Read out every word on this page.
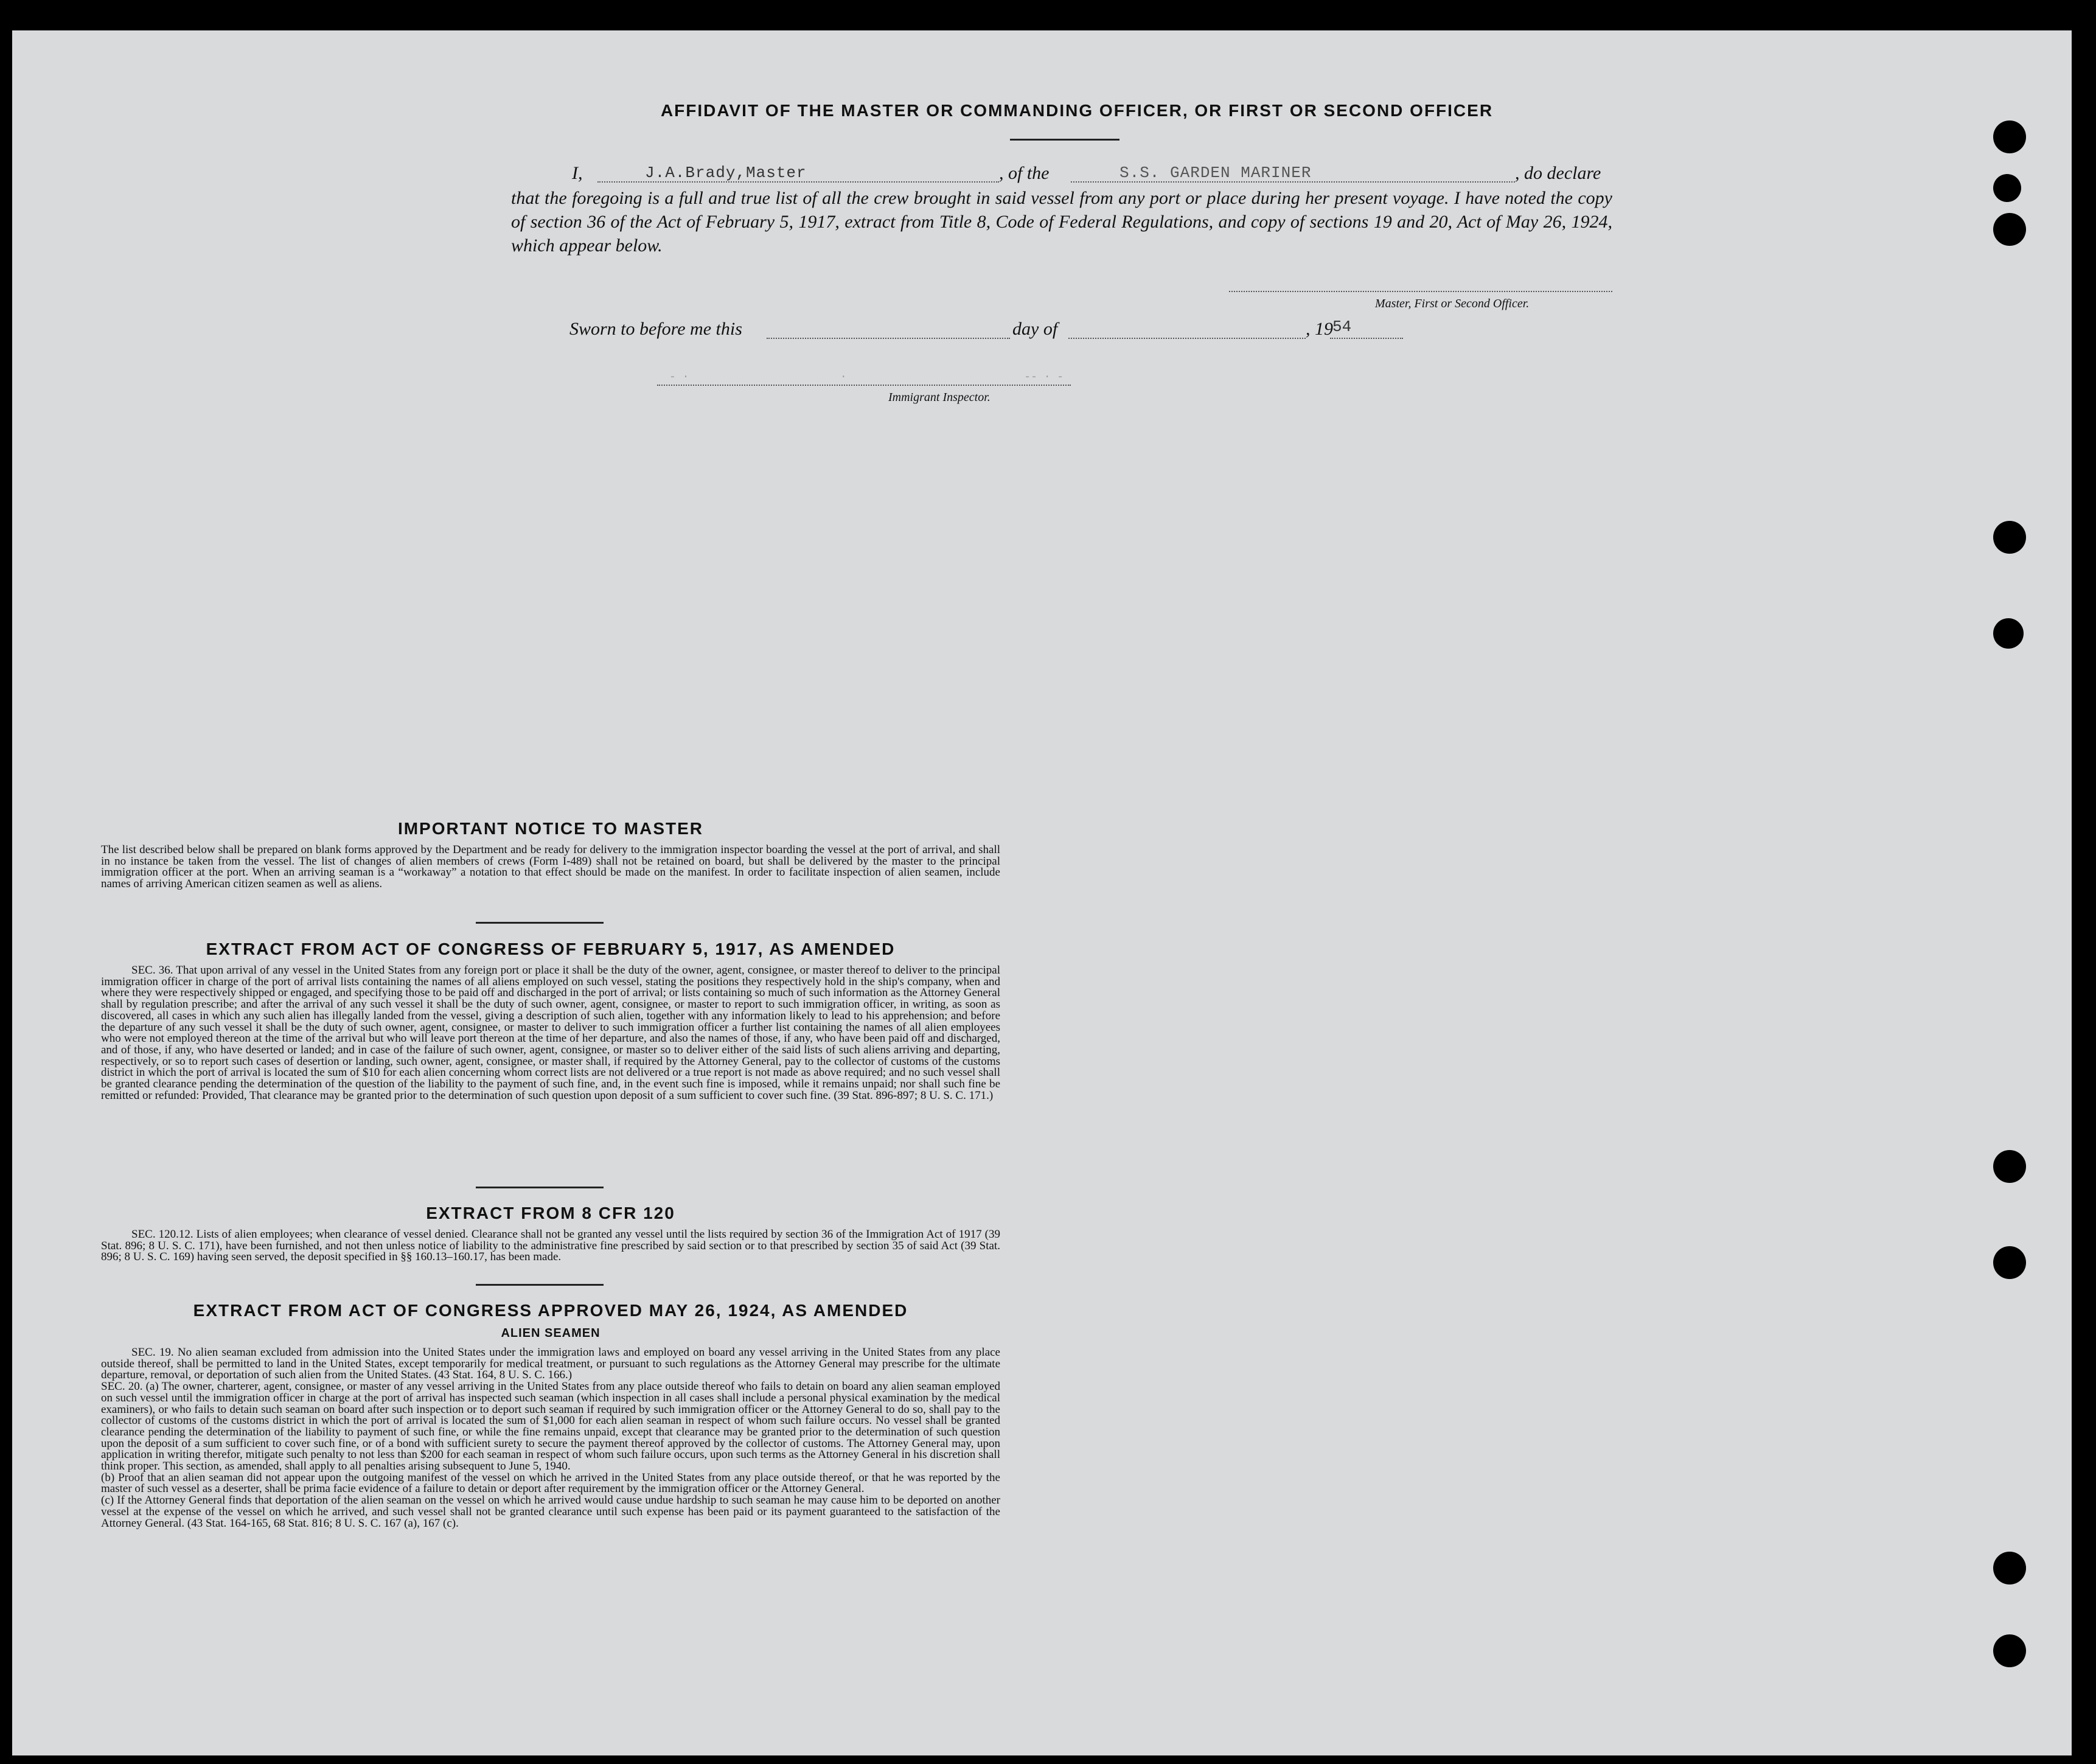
- ·                       ·                           -- · -
AFFIDAVIT OF THE MASTER OR COMMANDING OFFICER, OR FIRST OR SECOND OFFICER
I,	J.A.Brady,Master	, of the	S.S. GARDEN MARINER	, do declare
that the foregoing is a full and true list of all the crew brought in said vessel from any port or place during her present voyage. I have noted the copy of section 36 of the Act of February 5, 1917, extract from Title 8, Code of Federal Regulations, and copy of sections 19 and 20, Act of May 26, 1924, which appear below.
Master, First or Second Officer.
Sworn to before me this	day of	, 19 54
Immigrant Inspector.
IMPORTANT NOTICE TO MASTER
The list described below shall be prepared on blank forms approved by the Department and be ready for delivery to the immigration inspector boarding the vessel at the port of arrival, and shall in no instance be taken from the vessel. The list of changes of alien members of crews (Form I-489) shall not be retained on board, but shall be delivered by the master to the principal immigration officer at the port. When an arriving seaman is a “workaway” a notation to that effect should be made on the manifest. In order to facilitate inspection of alien seamen, include names of arriving American citizen seamen as well as aliens.
EXTRACT FROM ACT OF CONGRESS OF FEBRUARY 5, 1917, AS AMENDED
SEC. 36. That upon arrival of any vessel in the United States from any foreign port or place it shall be the duty of the owner, agent, consignee, or master thereof to deliver to the principal immigration officer in charge of the port of arrival lists containing the names of all aliens employed on such vessel, stating the positions they respectively hold in the ship's company, when and where they were respectively shipped or engaged, and specifying those to be paid off and discharged in the port of arrival; or lists containing so much of such information as the Attorney General shall by regulation prescribe; and after the arrival of any such vessel it shall be the duty of such owner, agent, consignee, or master to report to such immigration officer, in writing, as soon as discovered, all cases in which any such alien has illegally landed from the vessel, giving a description of such alien, together with any information likely to lead to his apprehension; and before the departure of any such vessel it shall be the duty of such owner, agent, consignee, or master to deliver to such immigration officer a further list containing the names of all alien employees who were not employed thereon at the time of the arrival but who will leave port thereon at the time of her departure, and also the names of those, if any, who have been paid off and discharged, and of those, if any, who have deserted or landed; and in case of the failure of such owner, agent, consignee, or master so to deliver either of the said lists of such aliens arriving and departing, respectively, or so to report such cases of desertion or landing, such owner, agent, consignee, or master shall, if required by the Attorney General, pay to the collector of customs of the customs district in which the port of arrival is located the sum of $10 for each alien concerning whom correct lists are not delivered or a true report is not made as above required; and no such vessel shall be granted clearance pending the determination of the question of the liability to the payment of such fine, and, in the event such fine is imposed, while it remains unpaid; nor shall such fine be remitted or refunded: Provided, That clearance may be granted prior to the determination of such question upon deposit of a sum sufficient to cover such fine. (39 Stat. 896-897; 8 U. S. C. 171.)
EXTRACT FROM 8 CFR 120
SEC. 120.12. Lists of alien employees; when clearance of vessel denied. Clearance shall not be granted any vessel until the lists required by section 36 of the Immigration Act of 1917 (39 Stat. 896; 8 U. S. C. 171), have been furnished, and not then unless notice of liability to the administrative fine prescribed by said section or to that prescribed by section 35 of said Act (39 Stat. 896; 8 U. S. C. 169) having seen served, the deposit specified in §§ 160.13–160.17, has been made.
EXTRACT FROM ACT OF CONGRESS APPROVED MAY 26, 1924, AS AMENDED
ALIEN SEAMEN
SEC. 19. No alien seaman excluded from admission into the United States under the immigration laws and employed on board any vessel arriving in the United States from any place outside thereof, shall be permitted to land in the United States, except temporarily for medical treatment, or pursuant to such regulations as the Attorney General may prescribe for the ultimate departure, removal, or deportation of such alien from the United States. (43 Stat. 164, 8 U. S. C. 166.)
SEC. 20. (a) The owner, charterer, agent, consignee, or master of any vessel arriving in the United States from any place outside thereof who fails to detain on board any alien seaman employed on such vessel until the immigration officer in charge at the port of arrival has inspected such seaman (which inspection in all cases shall include a personal physical examination by the medical examiners), or who fails to detain such seaman on board after such inspection or to deport such seaman if required by such immigration officer or the Attorney General to do so, shall pay to the collector of customs of the customs district in which the port of arrival is located the sum of $1,000 for each alien seaman in respect of whom such failure occurs. No vessel shall be granted clearance pending the determination of the liability to payment of such fine, or while the fine remains unpaid, except that clearance may be granted prior to the determination of such question upon the deposit of a sum sufficient to cover such fine, or of a bond with sufficient surety to secure the payment thereof approved by the collector of customs. The Attorney General may, upon application in writing therefor, mitigate such penalty to not less than $200 for each seaman in respect of whom such failure occurs, upon such terms as the Attorney General in his discretion shall think proper. This section, as amended, shall apply to all penalties arising subsequent to June 5, 1940.
(b) Proof that an alien seaman did not appear upon the outgoing manifest of the vessel on which he arrived in the United States from any place outside thereof, or that he was reported by the master of such vessel as a deserter, shall be prima facie evidence of a failure to detain or deport after requirement by the immigration officer or the Attorney General.
(c) If the Attorney General finds that deportation of the alien seaman on the vessel on which he arrived would cause undue hardship to such seaman he may cause him to be deported on another vessel at the expense of the vessel on which he arrived, and such vessel shall not be granted clearance until such expense has been paid or its payment guaranteed to the satisfaction of the Attorney General. (43 Stat. 164-165, 68 Stat. 816; 8 U. S. C. 167 (a), 167 (c).
